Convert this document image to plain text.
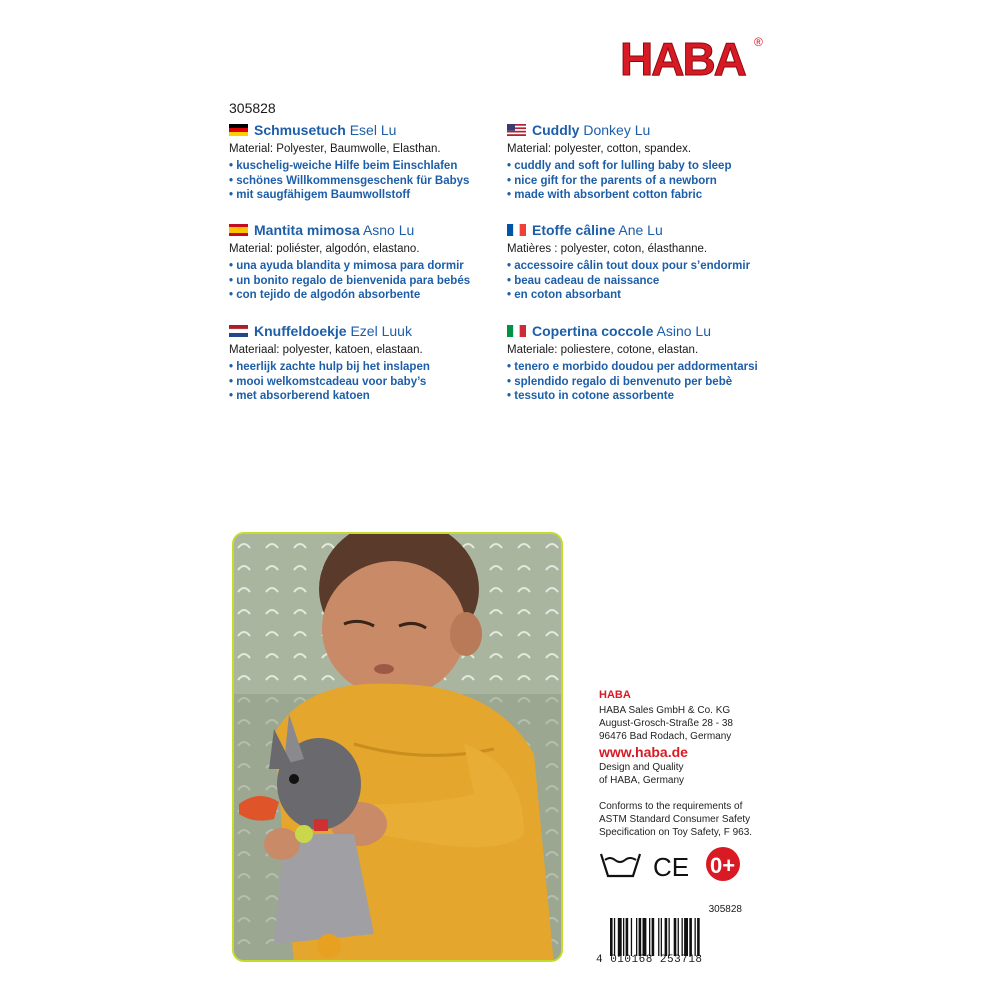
HABA ®
305828
Schmusetuch Esel Lu
Material: Polyester, Baumwolle, Elasthan.
• kuschelig-weiche Hilfe beim Einschlafen
• schönes Willkommensgeschenk für Babys
• mit saugfähigem Baumwollstoff
Mantita mimosa Asno Lu
Material: poliéster, algodón, elastano.
• una ayuda blandita y mimosa para dormir
• un bonito regalo de bienvenida para bebés
• con tejido de algodón absorbente
Knuffeldoekje Ezel Luuk
Materiaal: polyester, katoen, elastaan.
• heerlijk zachte hulp bij het inslapen
• mooi welkomstcadeau voor baby’s
• met absorberend katoen
Cuddly Donkey Lu
Material: polyester, cotton, spandex.
• cuddly and soft for lulling baby to sleep
• nice gift for the parents of a newborn
• made with absorbent cotton fabric
Etoffe câline Ane Lu
Matières : polyester, coton, élasthanne.
• accessoire câlin tout doux pour s’endormir
• beau cadeau de naissance
• en coton absorbant
Copertina coccole Asino Lu
Materiale: poliestere, cotone, elastan.
• tenero e morbido doudou per addormentarsi
• splendido regalo di benvenuto per bebè
• tessuto in cotone assorbente
HABA

HABA Sales GmbH & Co. KG

August-Grosch-Straße 28 - 38

96476 Bad Rodach, Germany

www.haba.de

Design and Quality

of HABA, Germany

Conforms to the requirements of
ASTM Standard Consumer Safety
Specification on Toy Safety, F 963.
CE 0+
305828
4 010168 253718
